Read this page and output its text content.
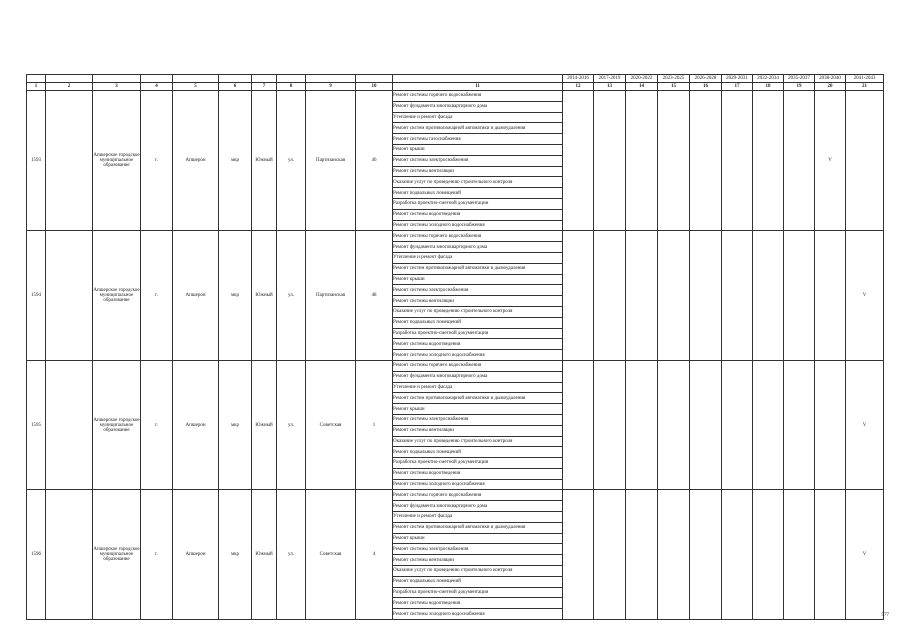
											2014-2016	2017-2019	2020-2022	2023-2025	2026-2028	2029-2031	2032-2034	2035-2037	2038-2040	2041-2043
1	2	3	4	5	6	7	8	9	10	11	12	13	14	15	16	17	18	19	20	21
1593		Апшерское городское муниципальное образование	г.	Апшерон	мкр	Южный	ул.	Партизанская	46	Ремонт системы горячего водоснабжения									V	
										Ремонт фундамента многоквартирного дома										
										Утепление и ремонт фасада										
										Ремонт систем противопожарной автоматики и дымоудаления										
										Ремонт системы газоснабжения										
										Ремонт крыши										
										Ремонт системы электроснабжения										
										Ремонт системы вентиляции										
										Оказание услуг по проведению строительного контроля										
										Ремонт подвальных помещений										
										Разработка проектно-сметной документации										
										Ремонт системы водоотведения										
										Ремонт системы холодного водоснабжения										
1594		Апшерское городское муниципальное образование	г.	Апшерон	мкр	Южный	ул.	Партизанская	48	Ремонт системы горячего водоснабжения										V
										Ремонт фундамента многоквартирного дома										
										Утепление и ремонт фасада										
										Ремонт систем противопожарной автоматики и дымоудаления										
										Ремонт крыши										
										Ремонт системы электроснабжения										
										Ремонт системы вентиляции										
										Оказание услуг по проведению строительного контроля										
										Ремонт подвальных помещений										
										Разработка проектно-сметной документации										
										Ремонт системы водоотведения										
										Ремонт системы холодного водоснабжения										
1595		Апшерское городское муниципальное образование	г.	Апшерон	мкр	Южный	ул.	Советская	1	Ремонт системы горячего водоснабжения										V
										Ремонт фундамента многоквартирного дома										
										Утепление и ремонт фасада										
										Ремонт систем противопожарной автоматики и дымоудаления										
										Ремонт крыши										
										Ремонт системы электроснабжения										
										Ремонт системы вентиляции										
										Оказание услуг по проведению строительного контроля										
										Ремонт подвальных помещений										
										Разработка проектно-сметной документации										
										Ремонт системы водоотведения										
										Ремонт системы холодного водоснабжения										
1596		Апшерское городское муниципальное образование	г.	Апшерон	мкр	Южный	ул.	Советская	4	Ремонт системы горячего водоснабжения										V
										Ремонт фундамента многоквартирного дома										
										Утепление и ремонт фасада										
										Ремонт систем противопожарной автоматики и дымоудаления										
										Ремонт крыши										
										Ремонт системы электроснабжения										
										Ремонт системы вентиляции										
										Оказание услуг по проведению строительного контроля										
										Ремонт подвальных помещений										
										Разработка проектно-сметной документации										
										Ремонт системы водоотведения										
										Ремонт системы холодного водоснабжения											577
